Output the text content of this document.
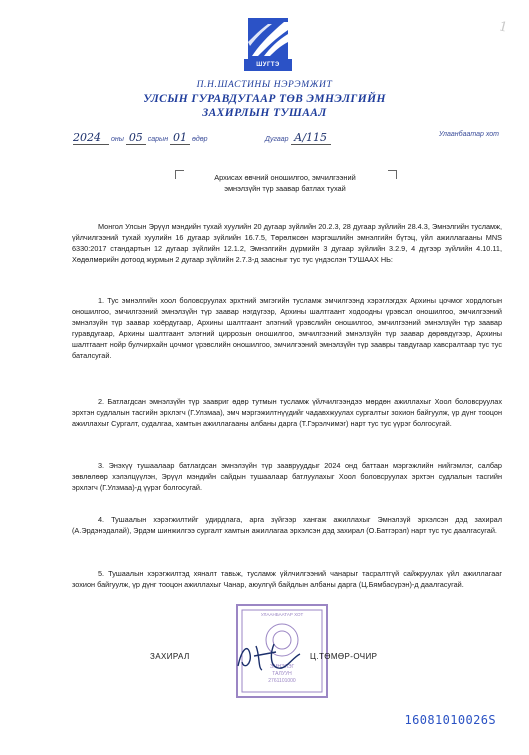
ШУГТЭ
1
П.Н.ШАСТИНЫ НЭРЭМЖИТ
УЛСЫН ГУРАВДУГААР ТӨВ ЭМНЭЛГИЙН
ЗАХИРЛЫН ТУШААЛ
2024 оны 05 сарын 01 өдөр	Дугаар А/115	Улаанбаатар хот
Архисах өвчний оношилгоо, эмчилгээний
эмнэлзүйн түр заавар батлах тухай
Монгол Улсын Эрүүл мэндийн тухай хуулийн 20 дугаар зүйлийн 20.2.3, 28 дугаар зүйлийн 28.4.3, Эмнэлгийн тусламж, үйлчилгээний тухай хуулийн 16 дугаар зүйлийн 16.7.5, Төрөлжсөн мэргэшлийн эмнэлгийн бүтэц, үйл ажиллагааны MNS 6330:2017 стандартын 12 дугаар зүйлийн 12.1.2, Эмнэлгийн дүрмийн 3 дугаар зүйлийн 3.2.9, 4 дүгээр зүйлийн 4.10.11, Хөдөлмөрийн дотоод журмын 2 дугаар зүйлийн 2.7.3-д заасныг тус тус үндэслэн ТУШААХ НЬ:
1. Тус эмнэлгийн хоол боловсруулах эрхтний эмгэгийн тусламж эмчилгээнд хэрэглэгдэх Архины цочмог хордлогын оношилгоо, эмчилгээний эмнэлзүйн түр заавар нэгдүгээр, Архины шалтгаант ходоодны үрэвсэл оношилгоо, эмчилгээний эмнэлзүйн түр заавар хоёрдугаар, Архины шалтгаант элэгний үрэвслийн оношилгоо, эмчилгээний эмнэлзүйн түр заавар гуравдугаар, Архины шалтгаант элэгний циррозын оношилгоо, эмчилгээний эмнэлзүйн түр заавар дөрөвдүгээр, Архины шалтгаант нойр булчирхайн цочмог үрэвслийн оношилгоо, эмчилгээний эмнэлзүйн түр заавры тавдугаар хавсралтаар тус тус баталсугай.
2. Батлагдсан эмнэлзүйн түр заавриг өдөр тутмын тусламж үйлчилгээндээ мөрдөн ажиллахыг Хоол боловсруулах эрхтэн судлалын тасгийн эрхлэгч (Г.Улзмаа), эмч мэргэжилтнүүдийг чадавхжуулах сургалтыг зохион байгуулж, үр дүнг тооцон ажиллахыг Сургалт, судалгаа, хамтын ажиллагааны албаны дарга (Т.Гэрэлчимэг) нарт тус тус үүрэг болгосугай.
3. Энэхүү тушаалаар батлагдсан эмнэлзүйн түр зааврууддыг 2024 онд баттаан мэргэжлийн нийгэмлэг, салбар зөвлөлөөр хэлэлцүүлэн, Эрүүл мэндийн сайдын тушаалаар батлуулахыг Хоол боловсруулах эрхтэн судлалын тасгийн эрхлэгч (Г.Улзмаа)-д үүрэг болгосугай.
4. Тушаалын хэрэгжилтийг удирдлага, арга зүйгээр хангаж ажиллахыг Эмнэлзүй эрхэлсэн дэд захирал (А.Эрдэнэдалай), Эрдэм шинжилгээ сургалт хамтын ажиллагаа эрхэлсэн дэд захирал (О.Батгэрэл) нарт тус тус даалгасугай.
5. Тушаалын хэрэгжилтэд хяналт тавьж, тусламж үйлчилгээний чанарыг тасралтгүй сайжруулах үйл ажиллагааг зохион байгуулж, үр дүнг тооцон ажиллахыг Чанар, аюулгүй байдлын албаны дарга (Ц.Бямбасүрэн)-д даалгасугай.
УЛААНБААТАР ХОТ
ЭМНЭЛЭГ
ТАЛУУН
2761101000
ЗАХИРАЛ	Ц.ТӨМӨР-ОЧИР
16081010026S
